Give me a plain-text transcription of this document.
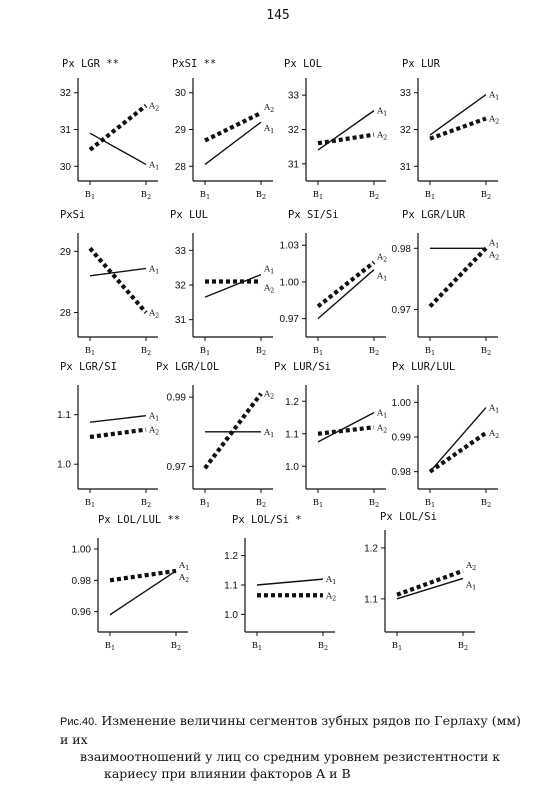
145
Px LGR **
30
31
32
$B_1$	$B_2$
$A_1$
$A_2$
PxSI **
28
29
30
$B_1$	$B_2$
$A_1$
$A_2$
Px LOL
31
32
33
$B_1$	$B_2$
$A_1$
$A_2$
Px LUR
31
32
33
$B_1$	$B_2$
$A_1$
$A_2$
PxSi
28
29
$B_1$	$B_2$
$A_1$
$A_2$
Px LUL
31
32
33
$B_1$	$B_2$
$A_1$
$A_2$
Px SI/Si
0.97
1.00
1.03
$B_1$	$B_2$
$A_1$
$A_2$
Px LGR/LUR
0.97
0.98
$B_1$	$B_2$
$A_1$
$A_2$
Px LGR/SI
1.0
1.1
$B_1$	$B_2$
$A_1$
$A_2$
Px LGR/LOL
0.97
0.99
$B_1$	$B_2$
$A_1$
$A_2$
Px LUR/Si
1.0
1.1
1.2
$B_1$	$B_2$
$A_1$
$A_2$
Px LUR/LUL
0.98
0.99
1.00
$B_1$	$B_2$
$A_1$
$A_2$
Px LOL/LUL **
0.96
0.98
1.00
$B_1$	$B_2$
$A_1$
$A_2$
Px LOL/Si *
1.0
1.1
1.2
$B_1$	$B_2$
$A_1$
$A_2$
Px LOL/Si
1.1
1.2
$B_1$	$B_2$
$A_1$
$A_2$
Рис.40. Изменение величины сегментов зубных рядов по Герлаху (мм) и их
взаимоотношений у лиц со средним уровнем резистентности к
кариесу при влиянии факторов A и B
